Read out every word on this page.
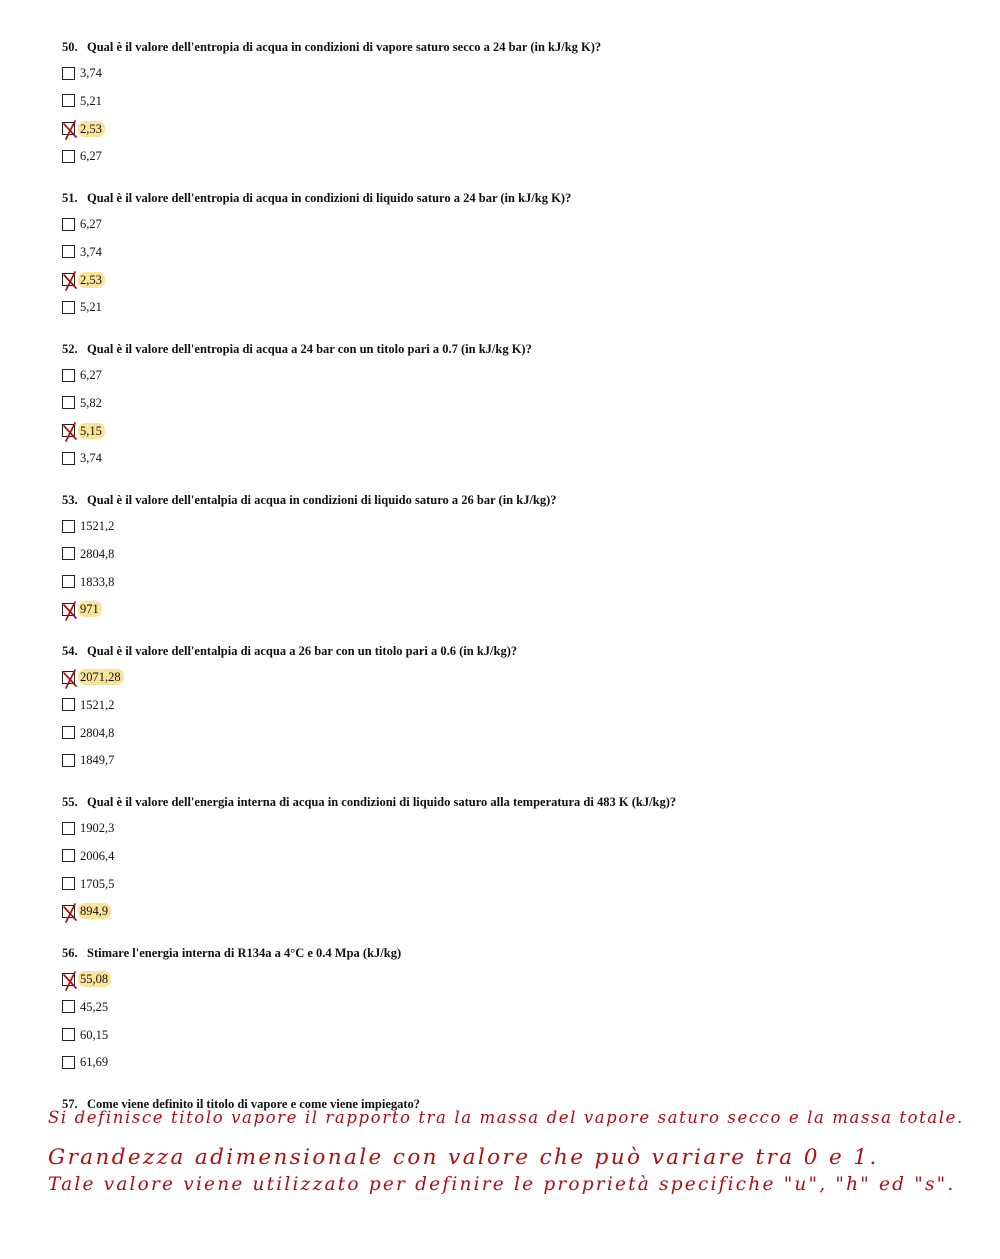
50. Qual è il valore dell'entropia di acqua in condizioni di vapore saturo secco a 24 bar (in kJ/kg K)?
3,74
5,21
2,53
6,27
51. Qual è il valore dell'entropia di acqua in condizioni di liquido saturo a 24 bar (in kJ/kg K)?
6,27
3,74
2,53
5,21
52. Qual è il valore dell'entropia di acqua a 24 bar con un titolo pari a 0.7 (in kJ/kg K)?
6,27
5,82
5,15
3,74
53. Qual è il valore dell'entalpia di acqua in condizioni di liquido saturo a 26 bar (in kJ/kg)?
1521,2
2804,8
1833,8
971
54. Qual è il valore dell'entalpia di acqua a 26 bar con un titolo pari a 0.6 (in kJ/kg)?
2071,28
1521,2
2804,8
1849,7
55. Qual è il valore dell'energia interna di acqua in condizioni di liquido saturo alla temperatura di 483 K (kJ/kg)?
1902,3
2006,4
1705,5
894,9
56. Stimare l'energia interna di R134a a 4°C e 0.4 Mpa (kJ/kg)
55,08
45,25
60,15
61,69
57. Come viene definito il titolo di vapore e come viene impiegato?
Si definisce titolo vapore il rapporto tra la massa del vapore saturo secco e la massa totale.
Grandezza adimensionale con valore che può variare tra 0 e 1.
Tale valore viene utilizzato per definire le proprietà specifiche "u", "h" ed "s".
